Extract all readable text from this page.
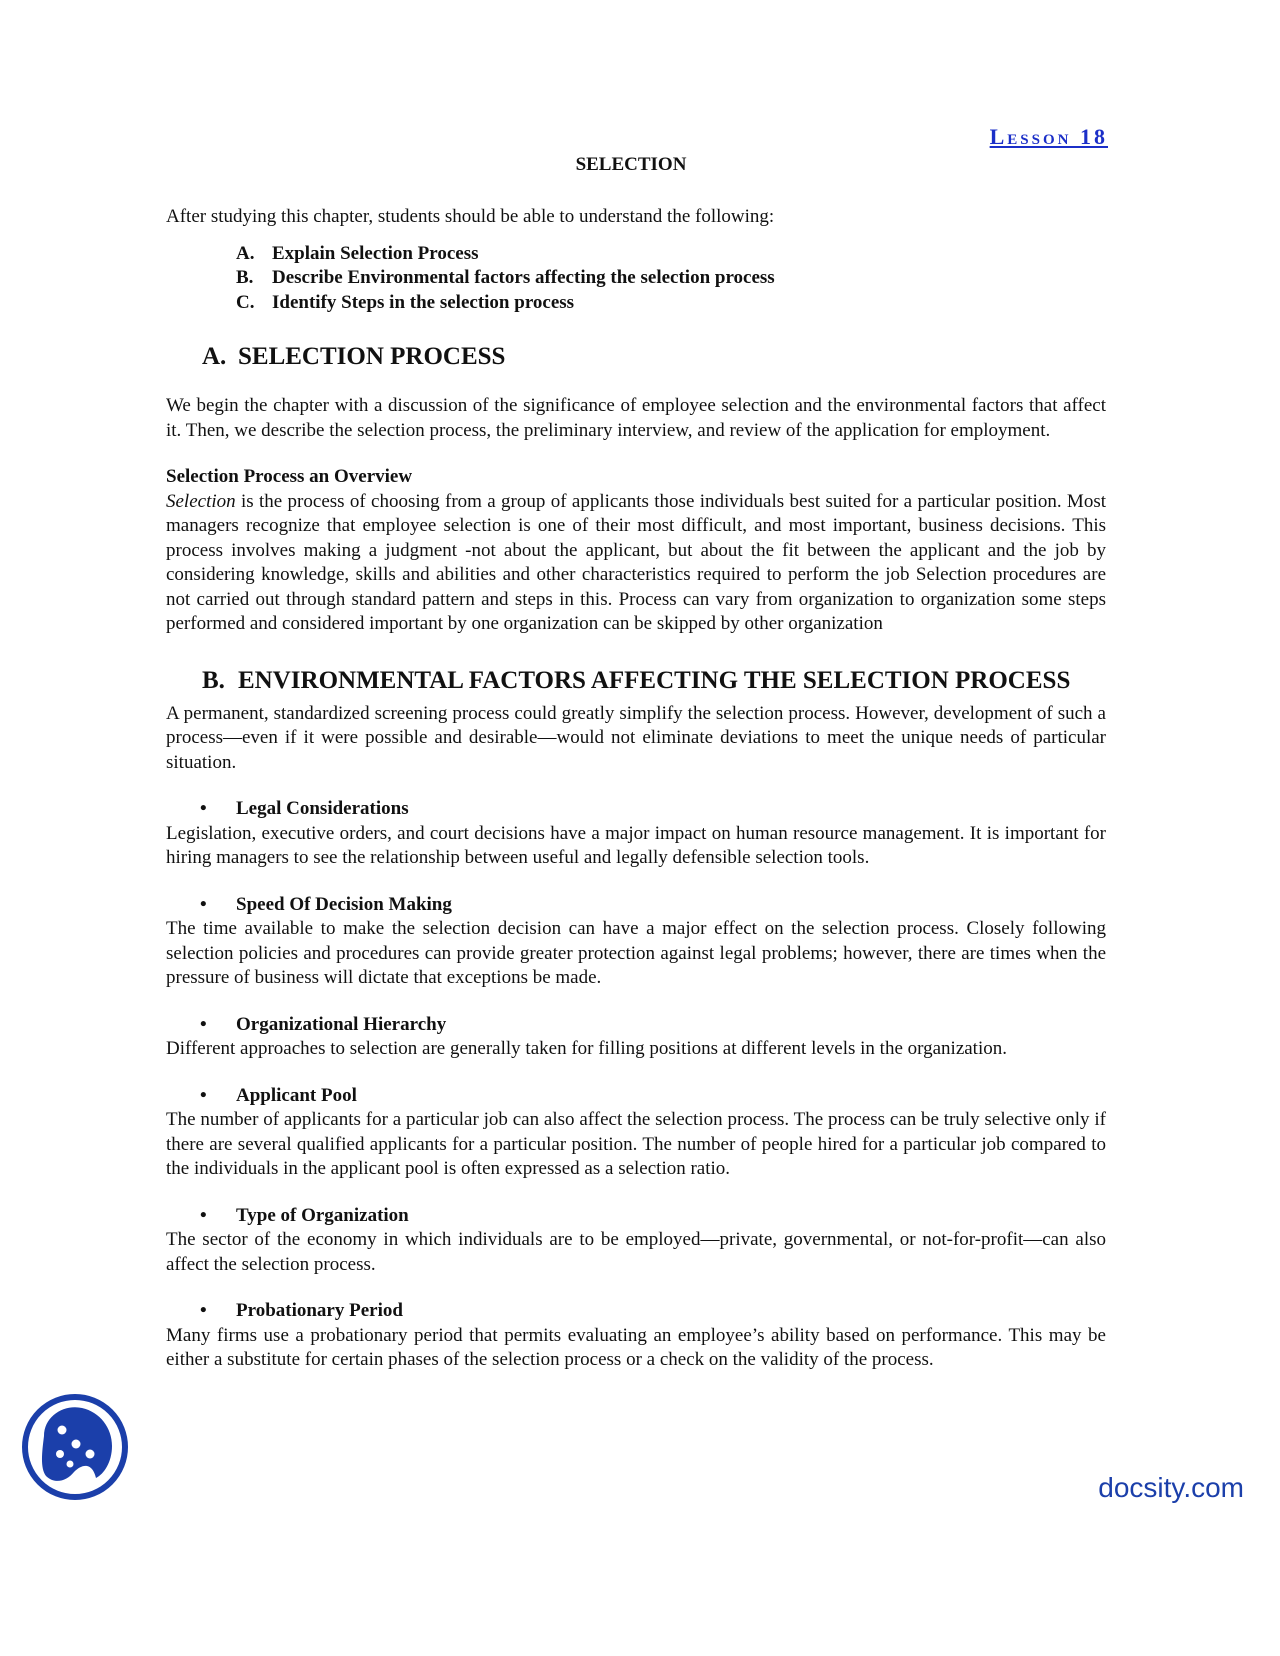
Lesson 18
SELECTION

After studying this chapter, students should be able to understand the following:

A. Explain Selection Process
B. Describe Environmental factors affecting the selection process
C. Identify Steps in the selection process
A. SELECTION PROCESS

We begin the chapter with a discussion of the significance of employee selection and the environmental factors that affect it. Then, we describe the selection process, the preliminary interview, and review of the application for employment.

Selection Process an Overview

Selection is the process of choosing from a group of applicants those individuals best suited for a particular position. Most managers recognize that employee selection is one of their most difficult, and most important, business decisions. This process involves making a judgment -not about the applicant, but about the fit between the applicant and the job by considering knowledge, skills and abilities and other characteristics required to perform the job Selection procedures are not carried out through standard pattern and steps in this. Process can vary from organization to organization some steps performed and considered important by one organization can be skipped by other organization

B. ENVIRONMENTAL FACTORS AFFECTING THE SELECTION PROCESS

A permanent, standardized screening process could greatly simplify the selection process. However, development of such a process—even if it were possible and desirable—would not eliminate deviations to meet the unique needs of particular situation.

• Legal Considerations

Legislation, executive orders, and court decisions have a major impact on human resource management. It is important for hiring managers to see the relationship between useful and legally defensible selection tools.

• Speed Of Decision Making

The time available to make the selection decision can have a major effect on the selection process. Closely following selection policies and procedures can provide greater protection against legal problems; however, there are times when the pressure of business will dictate that exceptions be made.

• Organizational Hierarchy

Different approaches to selection are generally taken for filling positions at different levels in the organization.

• Applicant Pool

The number of applicants for a particular job can also affect the selection process. The process can be truly selective only if there are several qualified applicants for a particular position. The number of people hired for a particular job compared to the individuals in the applicant pool is often expressed as a selection ratio.

• Type of Organization

The sector of the economy in which individuals are to be employed—private, governmental, or not-for-profit—can also affect the selection process.

• Probationary Period

Many firms use a probationary period that permits evaluating an employee’s ability based on performance. This may be either a substitute for certain phases of the selection process or a check on the validity of the process.

docsity.com
